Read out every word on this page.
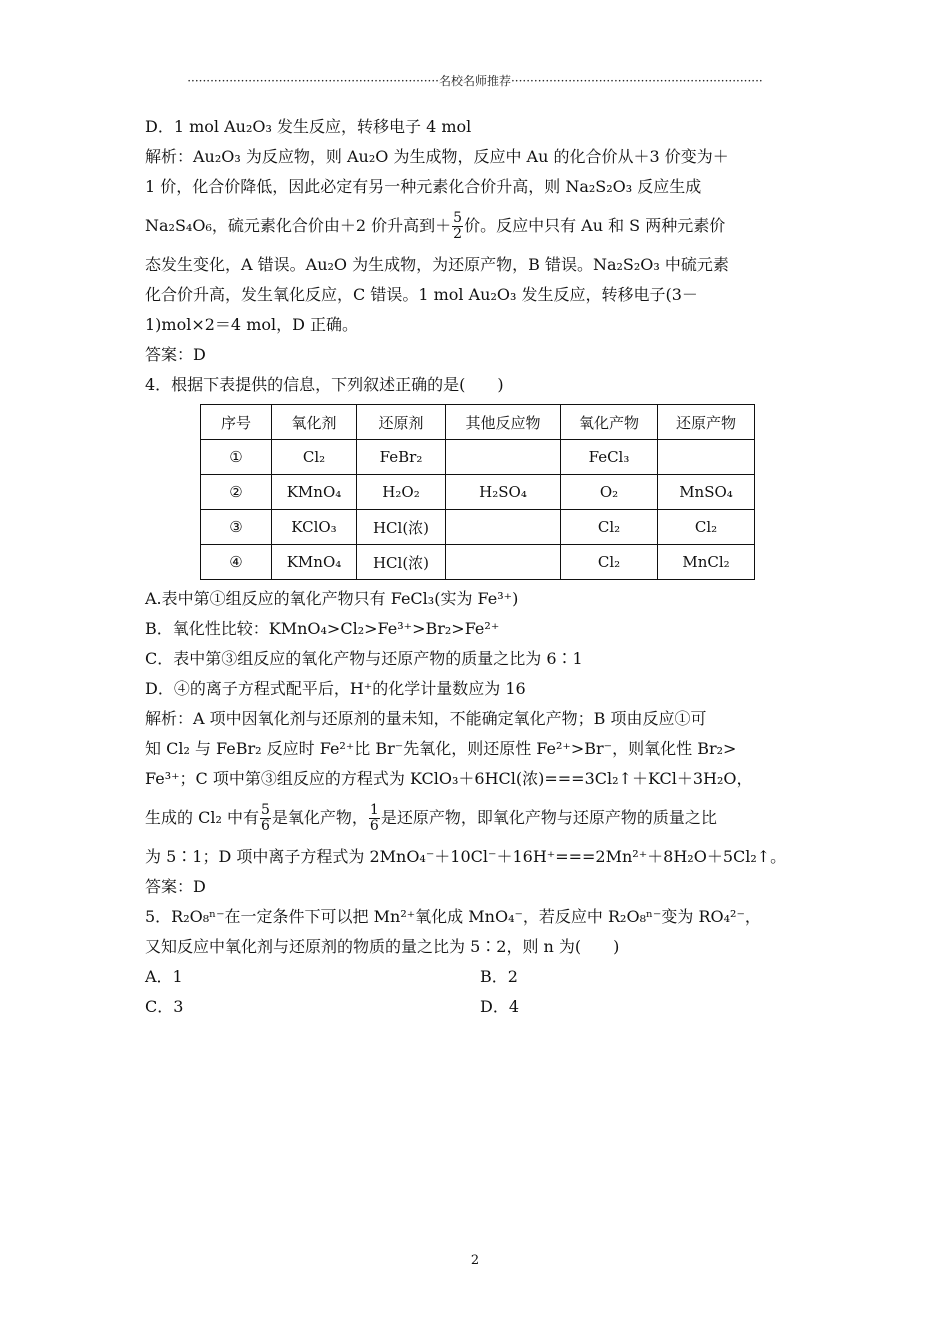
··································································名校名师推荐··································································
D．1 mol Au₂O₃ 发生反应，转移电子 4 mol
解析：Au₂O₃ 为反应物，则 Au₂O 为生成物，反应中 Au 的化合价从＋3 价变为＋
1 价，化合价降低，因此必定有另一种元素化合价升高，则 Na₂S₂O₃ 反应生成
Na₂S₄O₆，硫元素化合价由＋2 价升高到＋ $\frac{5}{2}$ 价。反应中只有 Au 和 S 两种元素价
态发生变化，A 错误。Au₂O 为生成物，为还原产物，B 错误。Na₂S₂O₃ 中硫元素
化合价升高，发生氧化反应，C 错误。1 mol Au₂O₃ 发生反应，转移电子(3－
1)mol×2＝4 mol，D 正确。
答案：D
4．根据下表提供的信息，下列叙述正确的是(　　)
序号	氧化剂	还原剂	其他反应物	氧化产物	还原产物
①	Cl₂	FeBr₂		FeCl₃	
②	KMnO₄	H₂O₂	H₂SO₄	O₂	MnSO₄
③	KClO₃	HCl(浓)		Cl₂	Cl₂
④	KMnO₄	HCl(浓)		Cl₂	MnCl₂
A.表中第①组反应的氧化产物只有 FeCl₃(实为 Fe³⁺)
B．氧化性比较：KMnO₄>Cl₂>Fe³⁺>Br₂>Fe²⁺
C．表中第③组反应的氧化产物与还原产物的质量之比为 6∶1
D．④的离子方程式配平后，H⁺的化学计量数应为 16
解析：A 项中因氧化剂与还原剂的量未知，不能确定氧化产物；B 项由反应①可
知 Cl₂ 与 FeBr₂ 反应时 Fe²⁺比 Br⁻先氧化，则还原性 Fe²⁺>Br⁻，则氧化性 Br₂>
Fe³⁺；C 项中第③组反应的方程式为 KClO₃＋6HCl(浓)===3Cl₂↑＋KCl＋3H₂O，
生成的 Cl₂ 中有 $\frac{5}{6}$ 是氧化产物， $\frac{1}{6}$ 是还原产物，即氧化产物与还原产物的质量之比
为 5∶1；D 项中离子方程式为 2MnO₄⁻＋10Cl⁻＋16H⁺===2Mn²⁺＋8H₂O＋5Cl₂↑。
答案：D
5．R₂O₈ⁿ⁻在一定条件下可以把 Mn²⁺氧化成 MnO₄⁻，若反应中 R₂O₈ⁿ⁻变为 RO₄²⁻，
又知反应中氧化剂与还原剂的物质的量之比为 5∶2，则 n 为(　　)
A．1	B．2
C．3	D．4
2
